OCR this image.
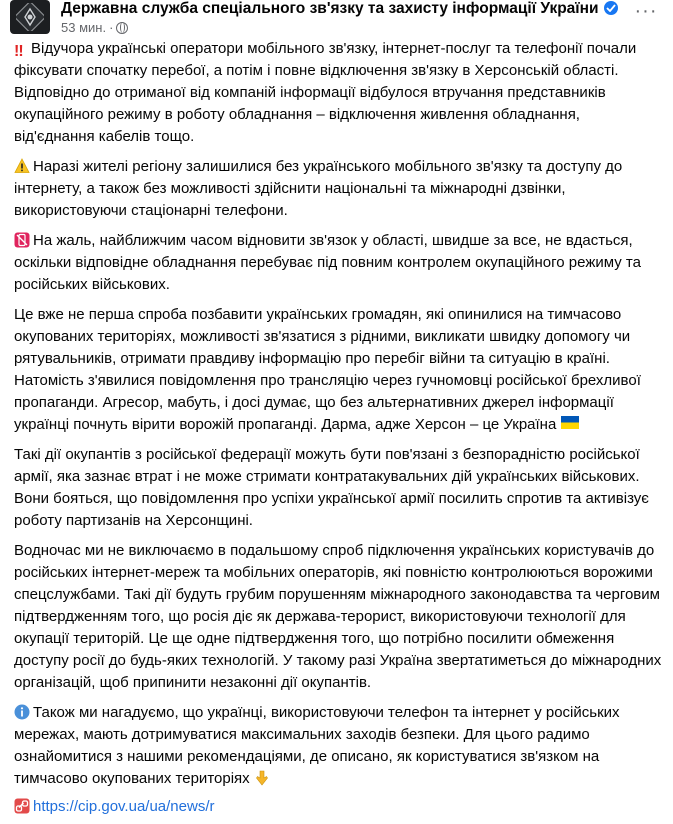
Державна служба спеціального зв'язку та захисту інформації України
53 мин. ·
···
‼ Відучора українські оператори мобільного зв'язку, інтернет-послуг та телефонії почали
фіксувати спочатку перебої, а потім і повне відключення зв'язку в Херсонській області.
Відповідно до отриманої від компаній інформації відбулося втручання представників
окупаційного режиму в роботу обладнання – відключення живлення обладнання,
від'єднання кабелів тощо.
Наразі жителі регіону залишилися без українського мобільного зв'язку та доступу до
інтернету, а також без можливості здійснити національні та міжнародні дзвінки,
використовуючи стаціонарні телефони.
На жаль, найближчим часом відновити зв'язок у області, швидше за все, не вдасться,
оскільки відповідне обладнання перебуває під повним контролем окупаційного режиму та
російських військових.
Це вже не перша спроба позбавити українських громадян, які опинилися на тимчасово
окупованих територіях, можливості зв'язатися з рідними, викликати швидку допомогу чи
рятувальників, отримати правдиву інформацію про перебіг війни та ситуацію в країні.
Натомість з'явилися повідомлення про трансляцію через гучномовці російської брехливої
пропаганди. Агресор, мабуть, і досі думає, що без альтернативних джерел інформації
українці почнуть вірити ворожій пропаганді. Дарма, адже Херсон – це Україна
Такі дії окупантів з російської федерації можуть бути пов'язані з безпорадністю російської
армії, яка зазнає втрат і не може стримати контратакувальних дій українських військових.
Вони бояться, що повідомлення про успіхи української армії посилить спротив та активізує
роботу партизанів на Херсонщині.
Водночас ми не виключаємо в подальшому спроб підключення українських користувачів до
російських інтернет-мереж та мобільних операторів, які повністю контролюються ворожими
спецслужбами. Такі дії будуть грубим порушенням міжнародного законодавства та черговим
підтвердженням того, що росія діє як держава-терорист, використовуючи технології для
окупації територій. Це ще одне підтвердження того, що потрібно посилити обмеження
доступу росії до будь-яких технологій. У такому разі Україна звертатиметься до міжнародних
організацій, щоб припинити незаконні дії окупантів.
Також ми нагадуємо, що українці, використовуючи телефон та інтернет у російських
мережах, мають дотримуватися максимальних заходів безпеки. Для цього радимо
ознайомитися з нашими рекомендаціями, де описано, як користуватися зв'язком на
тимчасово окупованих територіях
https://cip.gov.ua/ua/news/r
